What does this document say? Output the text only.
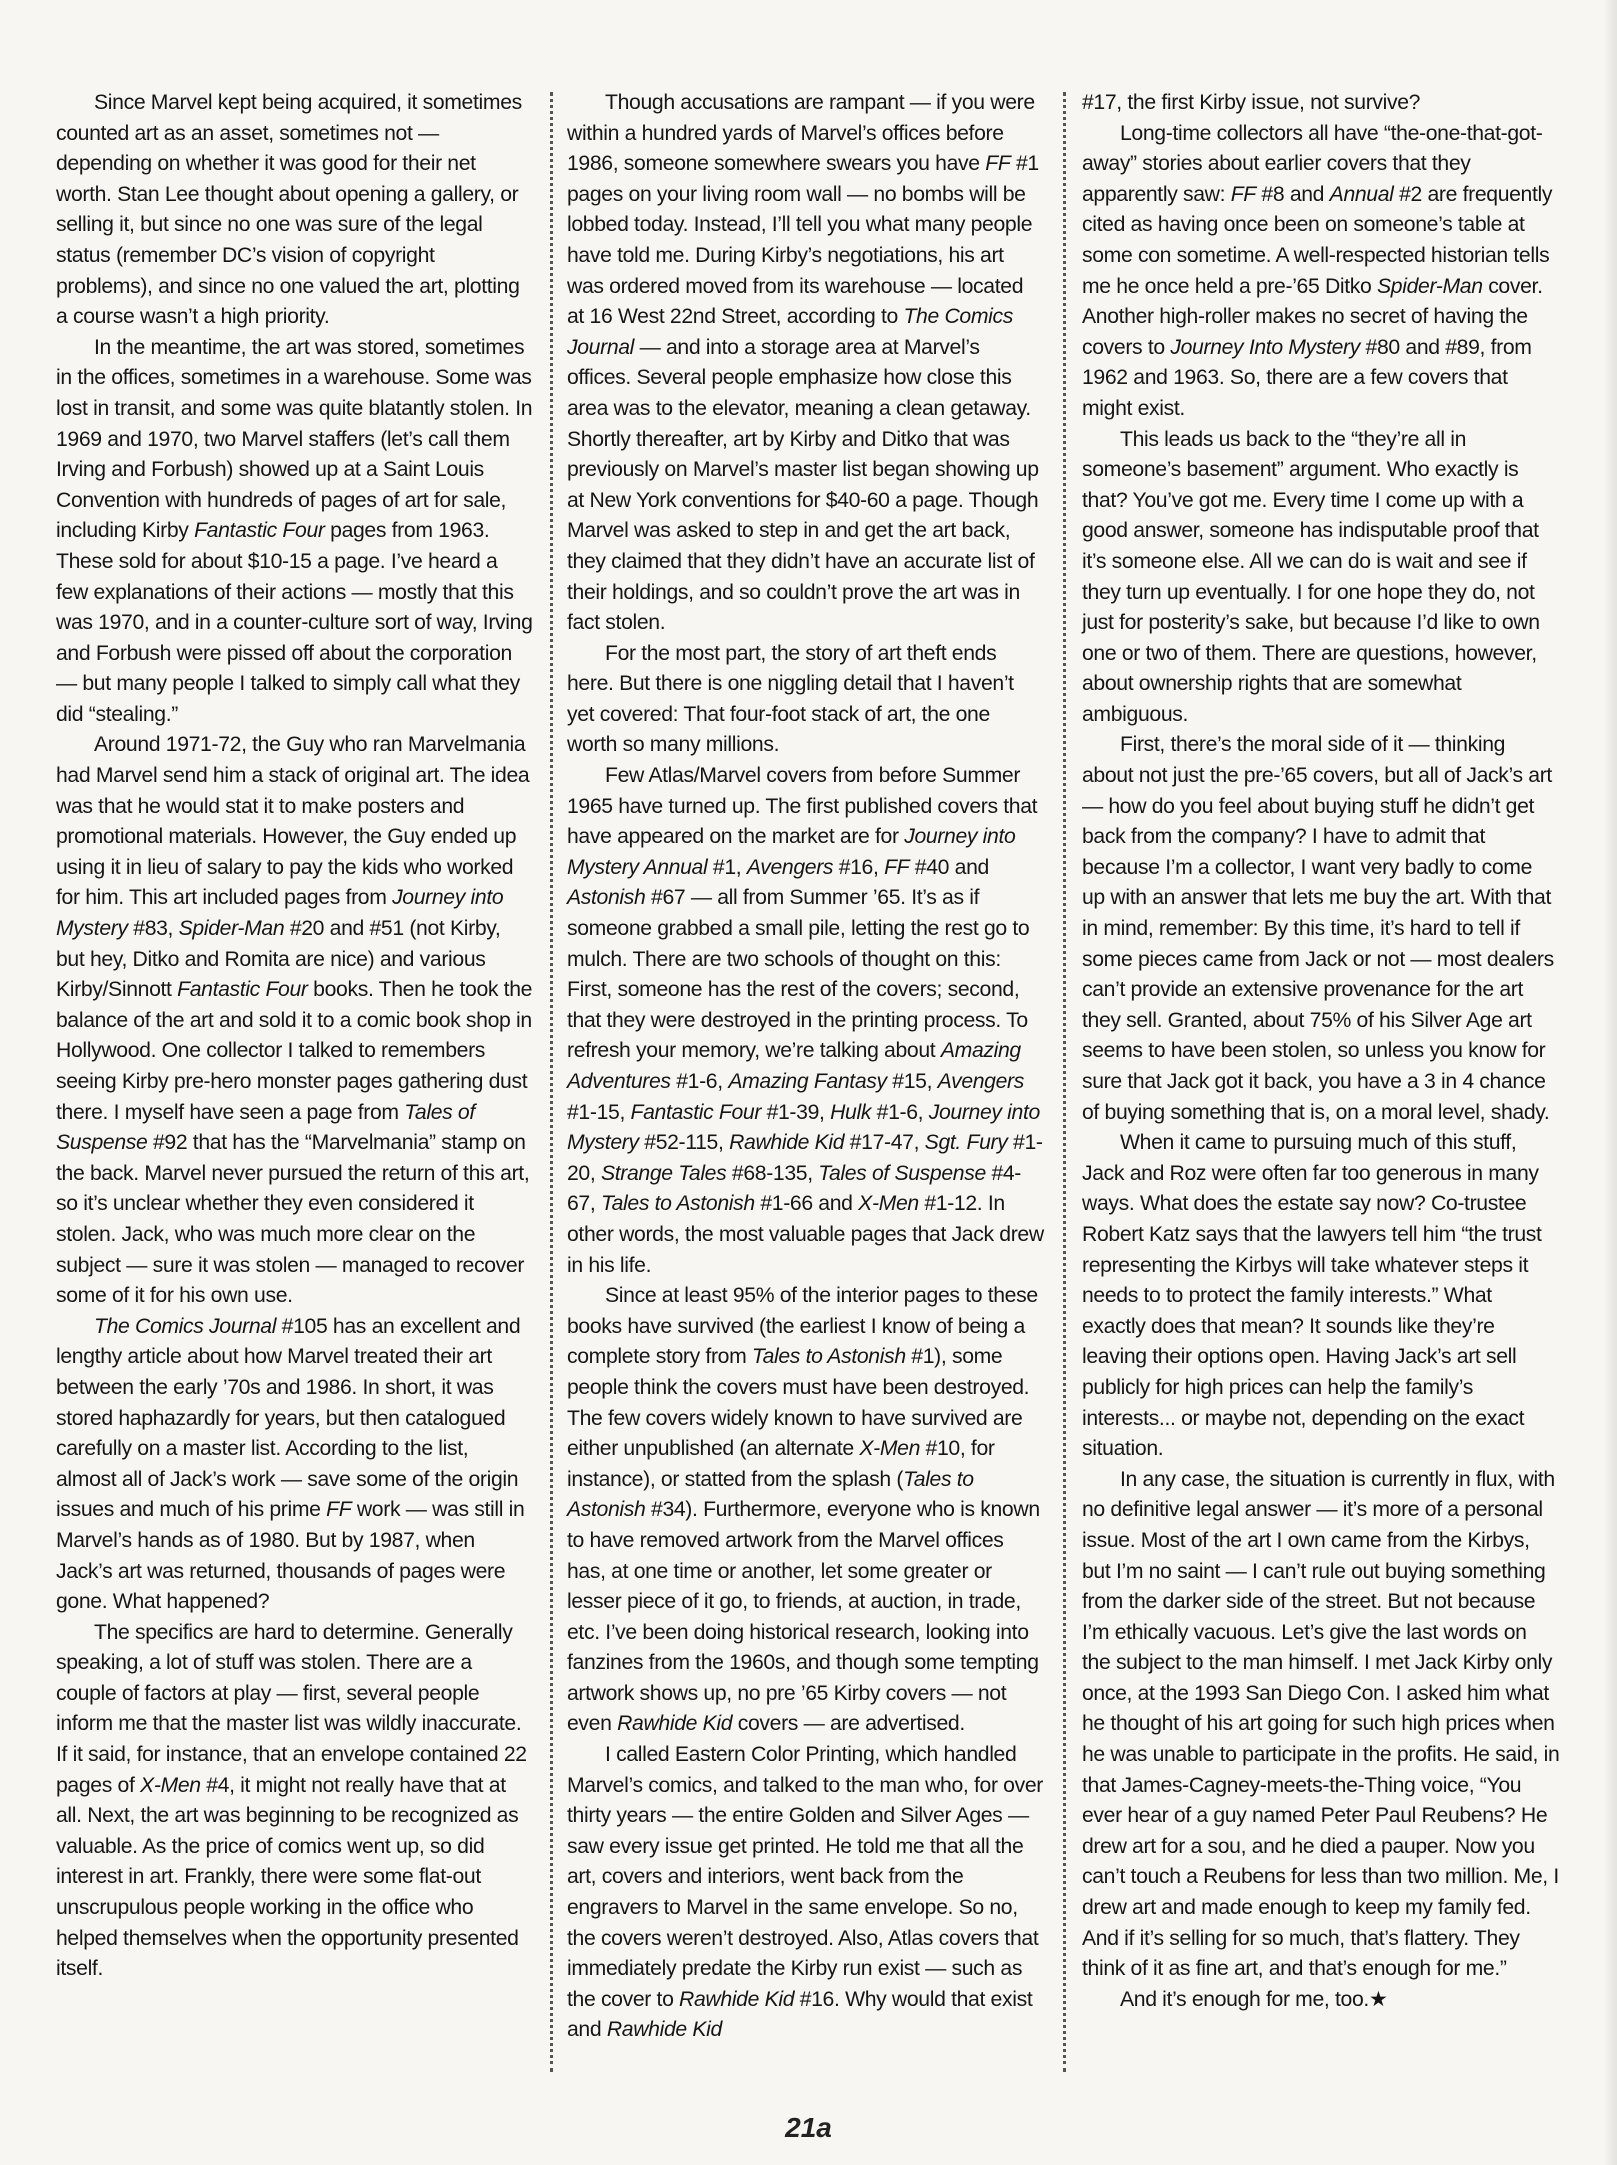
Since Marvel kept being acquired, it sometimes counted art as an asset, sometimes not — depending on whether it was good for their net worth. Stan Lee thought about opening a gallery, or selling it, but since no one was sure of the legal status (remember DC’s vision of copyright problems), and since no one valued the art, plotting a course wasn’t a high priority.

In the meantime, the art was stored, sometimes in the offices, sometimes in a warehouse. Some was lost in transit, and some was quite blatantly stolen. In 1969 and 1970, two Marvel staffers (let’s call them Irving and Forbush) showed up at a Saint Louis Convention with hundreds of pages of art for sale, including Kirby Fantastic Four pages from 1963. These sold for about $10-15 a page. I’ve heard a few explanations of their actions — mostly that this was 1970, and in a counter-culture sort of way, Irving and Forbush were pissed off about the corporation — but many people I talked to simply call what they did “stealing.”

Around 1971-72, the Guy who ran Marvelmania had Marvel send him a stack of original art. The idea was that he would stat it to make posters and promotional materials. However, the Guy ended up using it in lieu of salary to pay the kids who worked for him. This art included pages from Journey into Mystery #83, Spider-Man #20 and #51 (not Kirby, but hey, Ditko and Romita are nice) and various Kirby/Sinnott Fantastic Four books. Then he took the balance of the art and sold it to a comic book shop in Hollywood. One collector I talked to remembers seeing Kirby pre-hero monster pages gathering dust there. I myself have seen a page from Tales of Suspense #92 that has the “Marvelmania” stamp on the back. Marvel never pursued the return of this art, so it’s unclear whether they even considered it stolen. Jack, who was much more clear on the subject — sure it was stolen — managed to recover some of it for his own use.

The Comics Journal #105 has an excellent and lengthy article about how Marvel treated their art between the early ’70s and 1986. In short, it was stored haphazardly for years, but then catalogued carefully on a master list. According to the list, almost all of Jack’s work — save some of the origin issues and much of his prime FF work — was still in Marvel’s hands as of 1980. But by 1987, when Jack’s art was returned, thousands of pages were gone. What happened?

The specifics are hard to determine. Generally speaking, a lot of stuff was stolen. There are a couple of factors at play — first, several people inform me that the master list was wildly inaccurate. If it said, for instance, that an envelope contained 22 pages of X-Men #4, it might not really have that at all. Next, the art was beginning to be recognized as valuable. As the price of comics went up, so did interest in art. Frankly, there were some flat-out unscrupulous people working in the office who helped themselves when the opportunity presented itself.

Though accusations are rampant — if you were within a hundred yards of Marvel’s offices before 1986, someone somewhere swears you have FF #1 pages on your living room wall — no bombs will be lobbed today. Instead, I’ll tell you what many people have told me. During Kirby’s negotiations, his art was ordered moved from its warehouse — located at 16 West 22nd Street, according to The Comics Journal — and into a storage area at Marvel’s offices. Several people emphasize how close this area was to the elevator, meaning a clean getaway. Shortly thereafter, art by Kirby and Ditko that was previously on Marvel’s master list began showing up at New York conventions for $40-60 a page. Though Marvel was asked to step in and get the art back, they claimed that they didn’t have an accurate list of their holdings, and so couldn’t prove the art was in fact stolen.

For the most part, the story of art theft ends here. But there is one niggling detail that I haven’t yet covered: That four-foot stack of art, the one worth so many millions.

Few Atlas/Marvel covers from before Summer 1965 have turned up. The first published covers that have appeared on the market are for Journey into Mystery Annual #1, Avengers #16, FF #40 and Astonish #67 — all from Summer ’65. It’s as if someone grabbed a small pile, letting the rest go to mulch. There are two schools of thought on this: First, someone has the rest of the covers; second, that they were destroyed in the printing process. To refresh your memory, we’re talking about Amazing Adventures #1-6, Amazing Fantasy #15, Avengers #1-15, Fantastic Four #1-39, Hulk #1-6, Journey into Mystery #52-115, Rawhide Kid #17-47, Sgt. Fury #1-20, Strange Tales #68-135, Tales of Suspense #4-67, Tales to Astonish #1-66 and X-Men #1-12. In other words, the most valuable pages that Jack drew in his life.

Since at least 95% of the interior pages to these books have survived (the earliest I know of being a complete story from Tales to Astonish #1), some people think the covers must have been destroyed. The few covers widely known to have survived are either unpublished (an alternate X-Men #10, for instance), or statted from the splash (Tales to Astonish #34). Furthermore, everyone who is known to have removed artwork from the Marvel offices has, at one time or another, let some greater or lesser piece of it go, to friends, at auction, in trade, etc. I’ve been doing historical research, looking into fanzines from the 1960s, and though some tempting artwork shows up, no pre ’65 Kirby covers — not even Rawhide Kid covers — are advertised.

I called Eastern Color Printing, which handled Marvel’s comics, and talked to the man who, for over thirty years — the entire Golden and Silver Ages — saw every issue get printed. He told me that all the art, covers and interiors, went back from the engravers to Marvel in the same envelope. So no, the covers weren’t destroyed. Also, Atlas covers that immediately predate the Kirby run exist — such as the cover to Rawhide Kid #16. Why would that exist and Rawhide Kid

#17, the first Kirby issue, not survive?

Long-time collectors all have “the-one-that-got-away” stories about earlier covers that they apparently saw: FF #8 and Annual #2 are frequently cited as having once been on someone’s table at some con sometime. A well-respected historian tells me he once held a pre-’65 Ditko Spider-Man cover. Another high-roller makes no secret of having the covers to Journey Into Mystery #80 and #89, from 1962 and 1963. So, there are a few covers that might exist.

This leads us back to the “they’re all in someone’s basement” argument. Who exactly is that? You’ve got me. Every time I come up with a good answer, someone has indisputable proof that it’s someone else. All we can do is wait and see if they turn up eventually. I for one hope they do, not just for posterity’s sake, but because I’d like to own one or two of them. There are questions, however, about ownership rights that are somewhat ambiguous.

First, there’s the moral side of it — thinking about not just the pre-’65 covers, but all of Jack’s art — how do you feel about buying stuff he didn’t get back from the company? I have to admit that because I’m a collector, I want very badly to come up with an answer that lets me buy the art. With that in mind, remember: By this time, it’s hard to tell if some pieces came from Jack or not — most dealers can’t provide an extensive provenance for the art they sell. Granted, about 75% of his Silver Age art seems to have been stolen, so unless you know for sure that Jack got it back, you have a 3 in 4 chance of buying something that is, on a moral level, shady.

When it came to pursuing much of this stuff, Jack and Roz were often far too generous in many ways. What does the estate say now? Co-trustee Robert Katz says that the lawyers tell him “the trust representing the Kirbys will take whatever steps it needs to to protect the family interests.” What exactly does that mean? It sounds like they’re leaving their options open. Having Jack’s art sell publicly for high prices can help the family’s interests... or maybe not, depending on the exact situation.

In any case, the situation is currently in flux, with no definitive legal answer — it’s more of a personal issue. Most of the art I own came from the Kirbys, but I’m no saint — I can’t rule out buying something from the darker side of the street. But not because I’m ethically vacuous. Let’s give the last words on the subject to the man himself. I met Jack Kirby only once, at the 1993 San Diego Con. I asked him what he thought of his art going for such high prices when he was unable to participate in the profits. He said, in that James-Cagney-meets-the-Thing voice, “You ever hear of a guy named Peter Paul Reubens? He drew art for a sou, and he died a pauper. Now you can’t touch a Reubens for less than two million. Me, I drew art and made enough to keep my family fed. And if it’s selling for so much, that’s flattery. They think of it as fine art, and that’s enough for me.”

And it’s enough for me, too.★

21a
